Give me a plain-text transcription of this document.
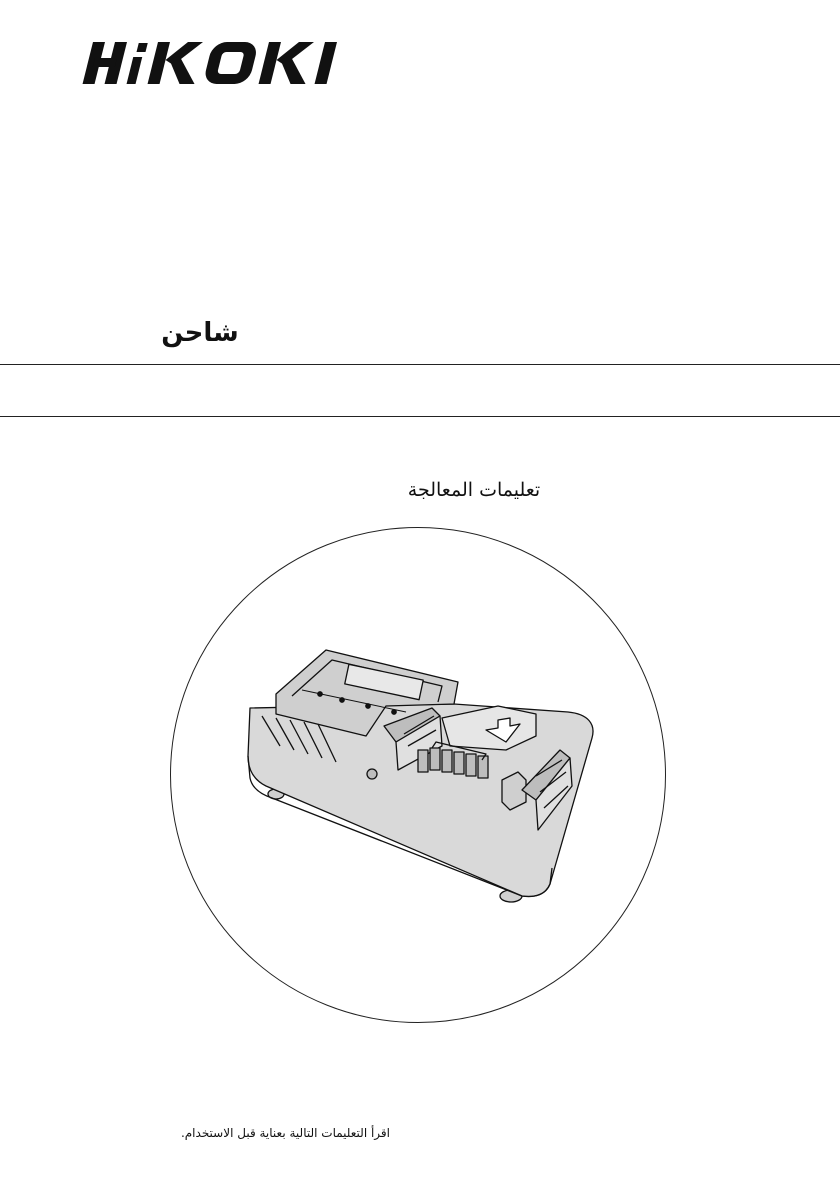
شاحن
تعليمات المعالجة
اقرأ التعليمات التالية بعناية قبل الاستخدام.
